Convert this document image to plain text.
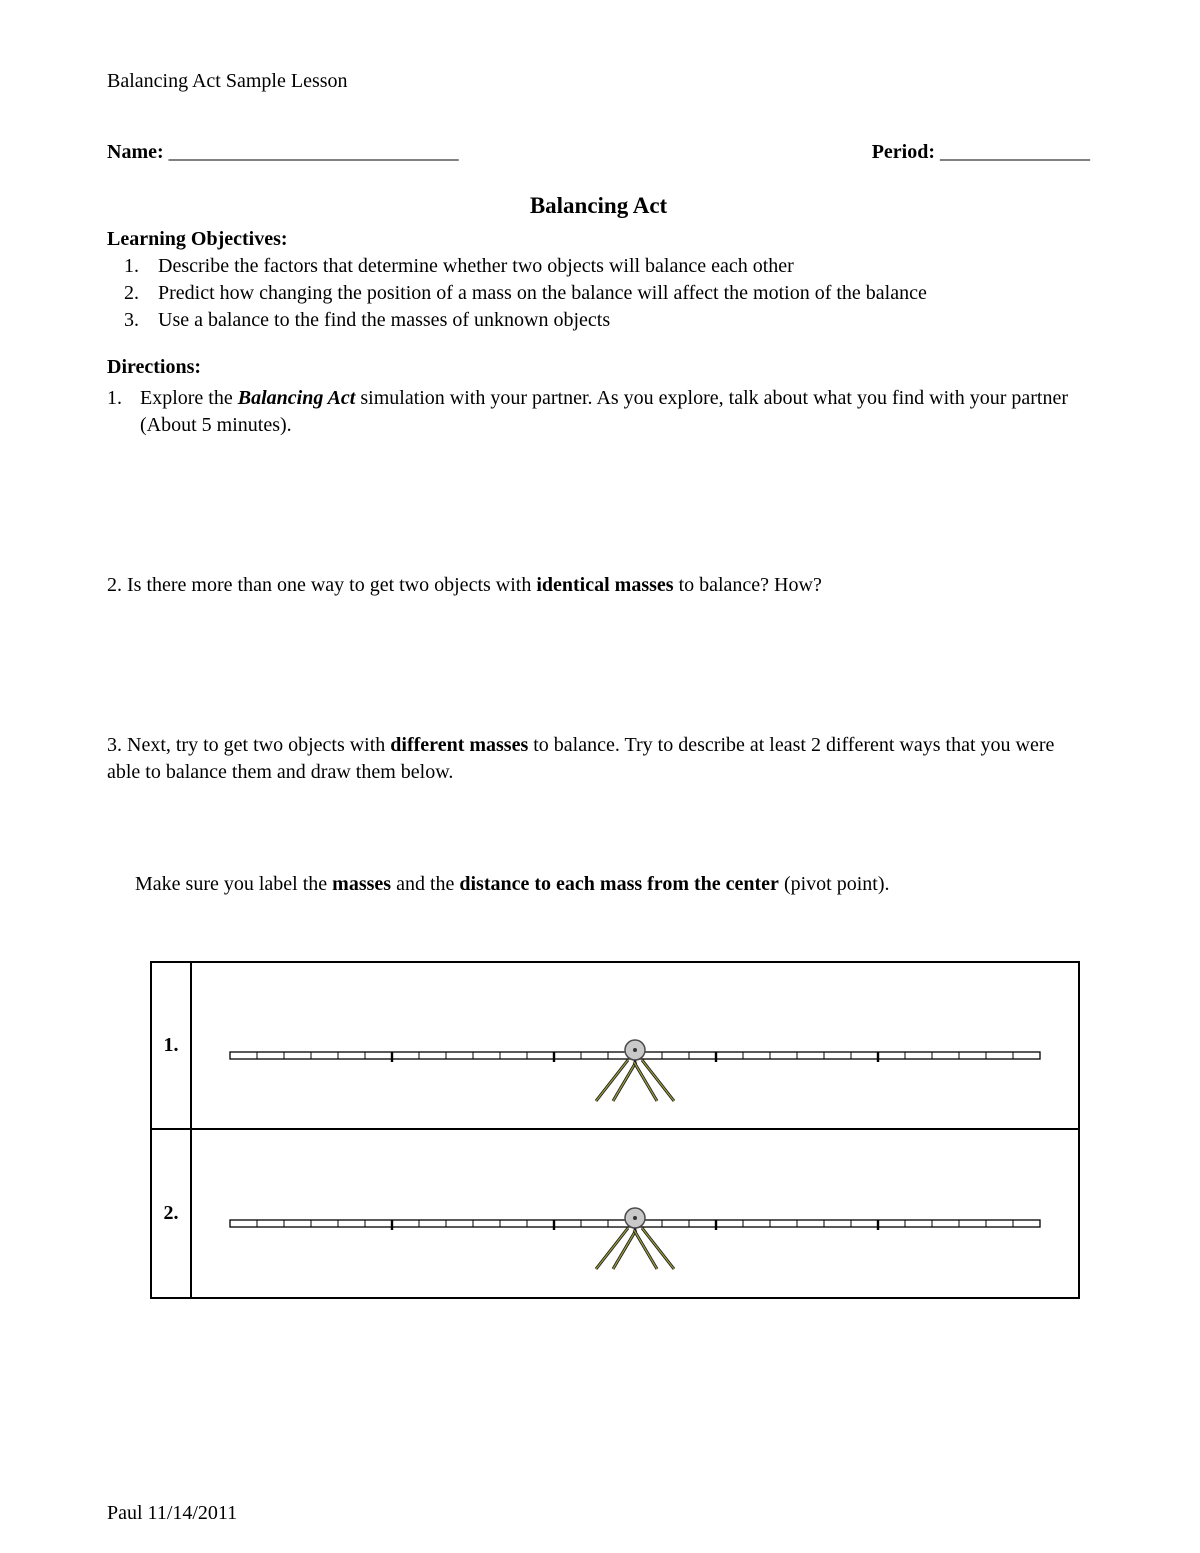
Balancing Act Sample Lesson
Name: _____________________________	Period: _______________
Balancing Act
Learning Objectives:
1. Describe the factors that determine whether two objects will balance each other
2. Predict how changing the position of a mass on the balance will affect the motion of the balance
3. Use a balance to the find the masses of unknown objects
Directions:
1. Explore the Balancing Act simulation with your partner. As you explore, talk about what you find with your partner (About 5 minutes).

2. Is there more than one way to get two objects with identical masses to balance? How?

3. Next, try to get two objects with different masses to balance. Try to describe at least 2 different ways that you were able to balance them and draw them below.

Make sure you label the masses and the distance to each mass from the center (pivot point).

1.
2.
Paul 11/14/2011
